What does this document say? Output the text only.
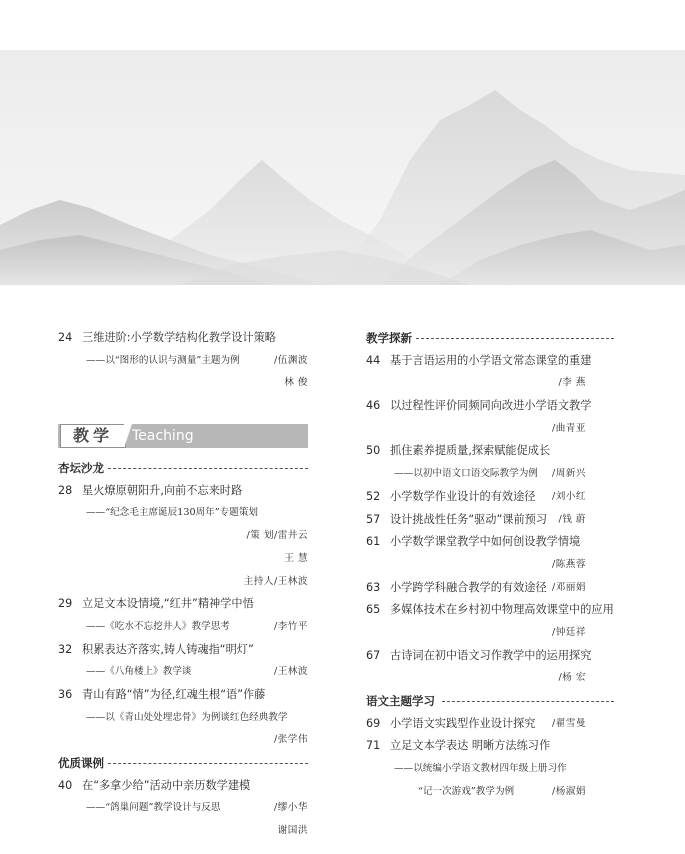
24 三维进阶:小学数学结构化教学设计策略
——以“图形的认识与测量”主题为例	/伍渊波
林 俊
教学	Teaching
杏坛沙龙
28 星火燎原朝阳升,向前不忘来时路
——“纪念毛主席诞辰130周年”专题策划
/策 划/雷井云
王 慧
主持人/王林波
29 立足文本设情境,“红井”精神学中悟
——《吃水不忘挖井人》教学思考	/李竹平
32 积累表达齐落实,铸人铸魂指“明灯”
——《八角楼上》教学谈	/王林波
36 青山有路“情”为径,红魂生根“语”作藤
——以《青山处处埋忠骨》为例谈红色经典教学
/张学伟
优质课例
40 在“多拿少给”活动中亲历数学建模
——“鸽巢问题”教学设计与反思	/缪小华
谢国洪
教学探新
44 基于言语运用的小学语文常态课堂的重建
/李 燕
46 以过程性评价同频同向改进小学语文教学
/曲青亚
50 抓住素养提质量,探索赋能促成长
——以初中语文口语交际教学为例 /周新兴
52 小学数学作业设计的有效途径 /刘小红
57 设计挑战性任务“驱动”课前预习 /钱 蔚
61 小学数学课堂教学中如何创设教学情境
/陈燕蓉
63 小学跨学科融合教学的有效途径 /邓丽娟
65 多媒体技术在乡村初中物理高效课堂中的应用
/钟廷祥
67 古诗词在初中语文习作教学中的运用探究
/杨 宏
语文主题学习
69 小学语文实践型作业设计探究 /翟雪曼
71 立足文本学表达 明晰方法练习作
——以统编小学语文教材四年级上册习作
“记一次游戏”教学为例	/杨淑娟
